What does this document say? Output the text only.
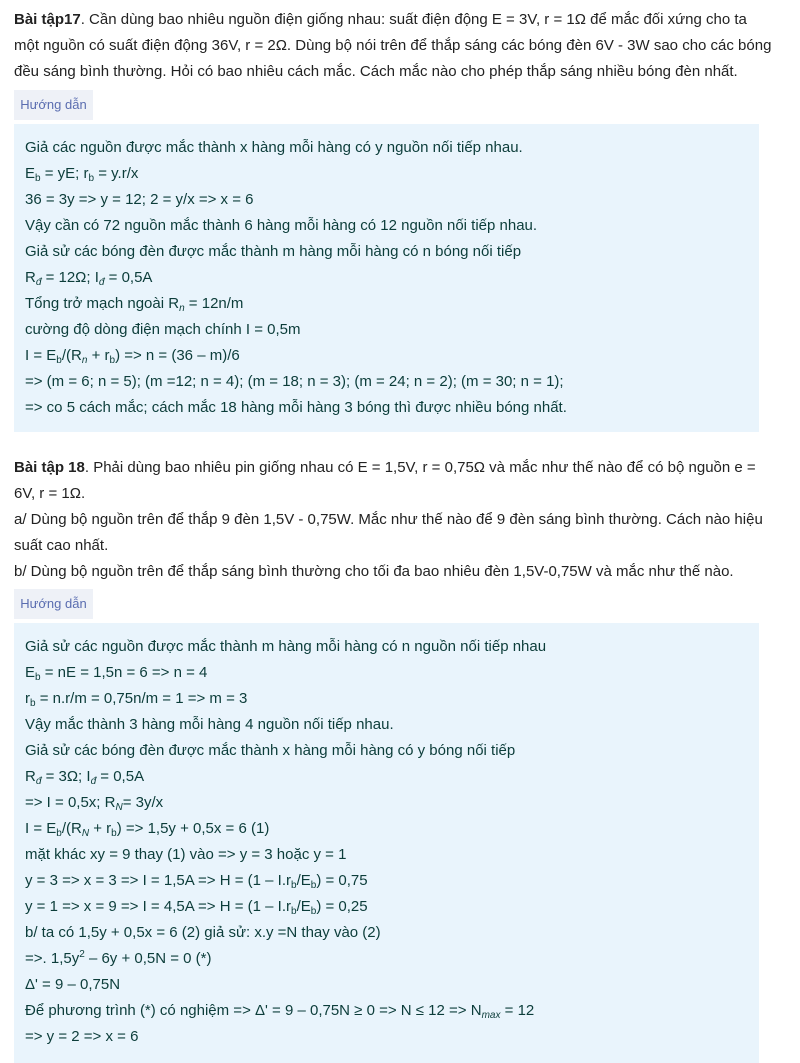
Bài tập17. Cần dùng bao nhiêu nguồn điện giống nhau: suất điện động E = 3V, r = 1Ω để mắc đối xứng cho ta một nguồn có suất điện động 36V, r = 2Ω. Dùng bộ nói trên để thắp sáng các bóng đèn 6V - 3W sao cho các bóng đều sáng bình thường. Hỏi có bao nhiêu cách mắc. Cách mắc nào cho phép thắp sáng nhiều bóng đèn nhất.
Hướng dẫn
Giả các nguồn được mắc thành x hàng mỗi hàng có y nguồn nối tiếp nhau.
$E_b$ = yE; $r_b = y.r/x$
36 = 3y => y = 12; 2 = y/x => x = 6
Vậy cần có 72 nguồn mắc thành 6 hàng mỗi hàng có 12 nguồn nối tiếp nhau.
Giả sử các bóng đèn được mắc thành m hàng mỗi hàng có n bóng nối tiếp
$R_đ = 12\Omega$; $I_đ = 0,5A$
Tổng trở mạch ngoài $R_n = 12n/m$
cường độ dòng điện mạch chính I = 0,5m
$I = E_b/(R_n + r_b) => n = (36 - m)/6$
=> (m = 6; n = 5); (m =12; n = 4); (m = 18; n = 3); (m = 24; n = 2); (m = 30; n = 1);
=> co 5 cách mắc; cách mắc 18 hàng mỗi hàng 3 bóng thì được nhiều bóng nhất.
Bài tập 18. Phải dùng bao nhiêu pin giống nhau có E = 1,5V, r = 0,75Ω và mắc như thế nào để có bộ nguồn e = 6V, r = 1Ω.
a/ Dùng bộ nguồn trên để thắp 9 đèn 1,5V - 0,75W. Mắc như thế nào để 9 đèn sáng bình thường. Cách nào hiệu suất cao nhất.
b/ Dùng bộ nguồn trên để thắp sáng bình thường cho tối đa bao nhiêu đèn 1,5V-0,75W và mắc như thế nào.
Hướng dẫn
Giả sử các nguồn được mắc thành m hàng mỗi hàng có n nguồn nối tiếp nhau
$E_b$ = nE = 1,5n = 6 => n = 4
$r_b = n.r/m = 0,75n/m = 1 => m = 3$
Vậy mắc thành 3 hàng mỗi hàng 4 nguồn nối tiếp nhau.
Giả sử các bóng đèn được mắc thành x hàng mỗi hàng có y bóng nối tiếp
$R_đ = 3\Omega$; $I_đ = 0,5A$
=> I = 0,5x; $R_N= 3y/x$
$I = E_b/(R_N + r_b) => 1,5y + 0,5x = 6$ (1)
mặt khác xy = 9 thay (1) vào => y = 3 hoặc y = 1
$y = 3 => x = 3 => I = 1,5A => H = (1 - I.r_b/E_b) = 0,75$
$y = 1 => x = 9 => I = 4,5A => H = (1 - I.r_b/E_b) = 0,25$
b/ ta có 1,5y + 0,5x = 6 (2) giả sử: x.y =N thay vào (2)
=>. $1,5y^2 - 6y + 0,5N = 0$ (*)
Δ' = 9 – 0,75N
Để phương trình (*) có nghiệm => $\Delta' = 9 - 0,75N \ge 0 => N \le 12 => N_{max} = 12$
=> y = 2 => x = 6
